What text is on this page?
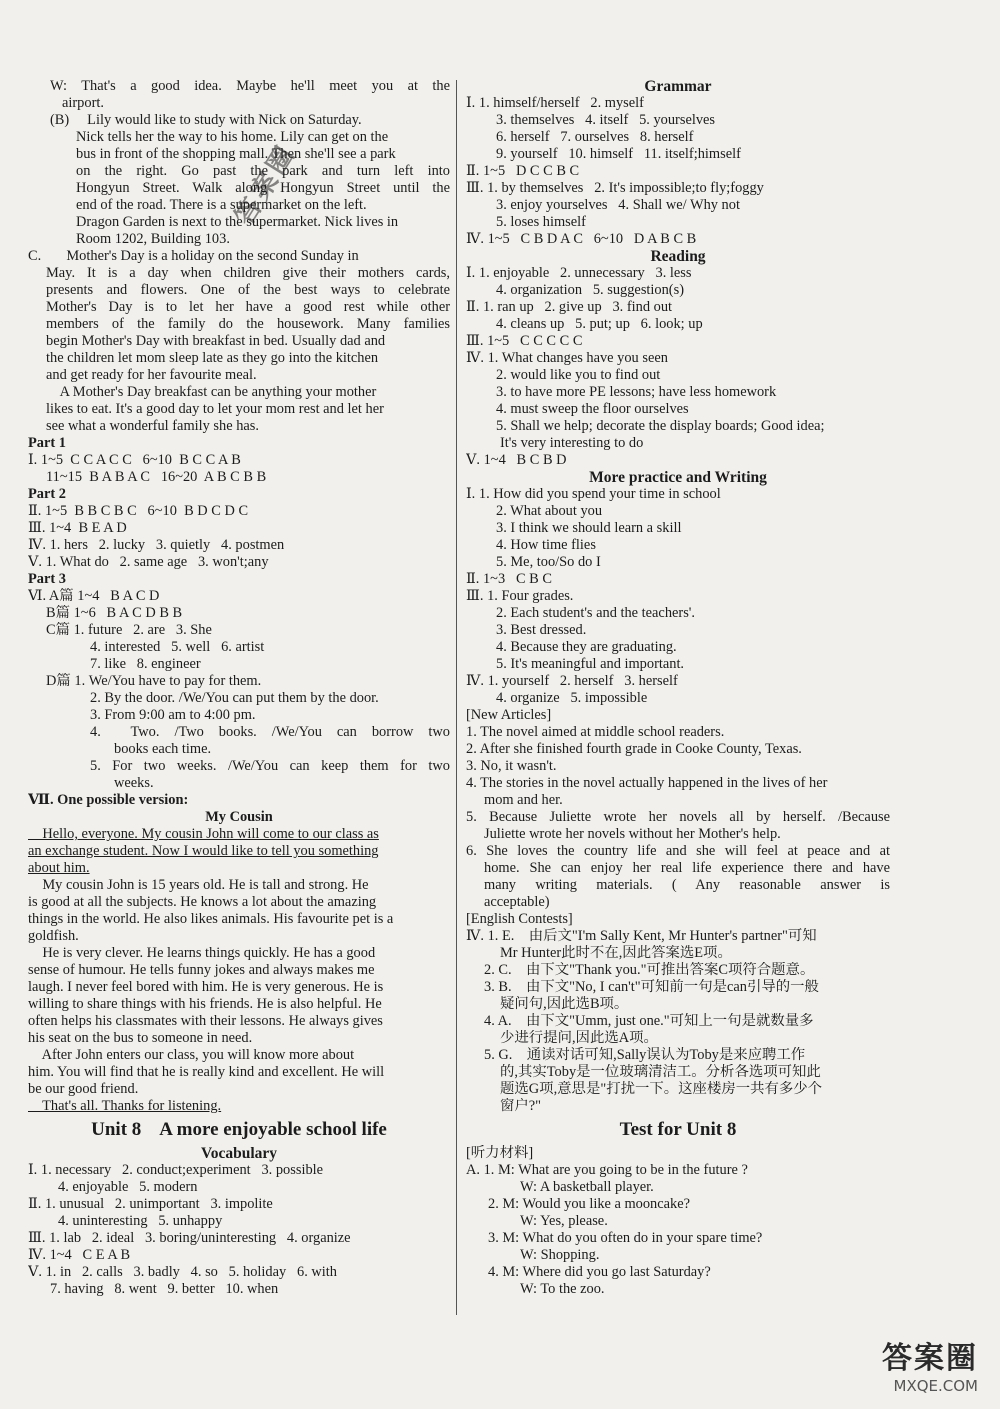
答案圈
W: That's a good idea. Maybe he'll meet you at the
airport.
(B)     Lily would like to study with Nick on Saturday.
Nick tells her the way to his home. Lily can get on the
bus in front of the shopping mall. Then she'll see a park
on the right. Go past the park and turn left into
Hongyun Street. Walk along Hongyun Street until the
end of the road. There is a supermarket on the left.
Dragon Garden is next to the supermarket. Nick lives in
Room 1202, Building 103.
C.       Mother's Day is a holiday on the second Sunday in
May. It is a day when children give their mothers cards,
presents and flowers. One of the best ways to celebrate
Mother's Day is to let her have a good rest while other
members of the family do the housework. Many families
begin Mother's Day with breakfast in bed. Usually dad and
the children let mom sleep late as they go into the kitchen
and get ready for her favourite meal.
A Mother's Day breakfast can be anything your mother
likes to eat. It's a good day to let your mom rest and let her
see what a wonderful family she has.
Part 1
Ⅰ. 1~5  C C A C C   6~10  B C C A B
11~15  B A B A C   16~20  A B C B B
Part 2
Ⅱ. 1~5  B B C B C   6~10  B D C D C
Ⅲ. 1~4  B E A D
Ⅳ. 1. hers   2. lucky   3. quietly   4. postmen
Ⅴ. 1. What do   2. same age   3. won't;any
Part 3
Ⅵ. A篇 1~4   B A C D
B篇 1~6   B A C D B B
C篇 1. future   2. are   3. She
4. interested   5. well   6. artist
7. like   8. engineer
D篇 1. We/You have to pay for them.
2. By the door. /We/You can put them by the door.
3. From 9:00 am to 4:00 pm.
4.  Two. /Two books. /We/You can borrow two
books each time.
5. For two weeks. /We/You can keep them for two
weeks.
Ⅶ. One possible version:
My Cousin
Hello, everyone. My cousin John will come to our class as
an exchange student. Now I would like to tell you something
about him.
My cousin John is 15 years old. He is tall and strong. He
is good at all the subjects. He knows a lot about the amazing
things in the world. He also likes animals. His favourite pet is a
goldfish.
He is very clever. He learns things quickly. He has a good
sense of humour. He tells funny jokes and always makes me
laugh. I never feel bored with him. He is very generous. He is
willing to share things with his friends. He is also helpful. He
often helps his classmates with their lessons. He always gives
his seat on the bus to someone in need.
After John enters our class, you will know more about
him. You will find that he is really kind and excellent. He will
be our good friend.
That's all. Thanks for listening.
Unit 8    A more enjoyable school life
Vocabulary
Ⅰ. 1. necessary   2. conduct;experiment   3. possible
4. enjoyable   5. modern
Ⅱ. 1. unusual   2. unimportant   3. impolite
4. uninteresting   5. unhappy
Ⅲ. 1. lab   2. ideal   3. boring/uninteresting   4. organize
Ⅳ. 1~4   C E A B
Ⅴ. 1. in   2. calls   3. badly   4. so   5. holiday   6. with
7. having   8. went   9. better   10. when
Grammar
Ⅰ. 1. himself/herself   2. myself
3. themselves   4. itself   5. yourselves
6. herself   7. ourselves   8. herself
9. yourself   10. himself   11. itself;himself
Ⅱ. 1~5   D C C B C
Ⅲ. 1. by themselves   2. It's impossible;to fly;foggy
3. enjoy yourselves   4. Shall we/ Why not
5. loses himself
Ⅳ. 1~5   C B D A C   6~10   D A B C B
Reading
Ⅰ. 1. enjoyable   2. unnecessary   3. less
4. organization   5. suggestion(s)
Ⅱ. 1. ran up   2. give up   3. find out
4. cleans up   5. put; up   6. look; up
Ⅲ. 1~5   C C C C C
Ⅳ. 1. What changes have you seen
2. would like you to find out
3. to have more PE lessons; have less homework
4. must sweep the floor ourselves
5. Shall we help; decorate the display boards; Good idea;
It's very interesting to do
Ⅴ. 1~4   B C B D
More practice and Writing
Ⅰ. 1. How did you spend your time in school
2. What about you
3. I think we should learn a skill
4. How time flies
5. Me, too/So do I
Ⅱ. 1~3   C B C
Ⅲ. 1. Four grades.
2. Each student's and the teachers'.
3. Best dressed.
4. Because they are graduating.
5. It's meaningful and important.
Ⅳ. 1. yourself   2. herself   3. herself
4. organize   5. impossible
[New Articles]
1. The novel aimed at middle school readers.
2. After she finished fourth grade in Cooke County, Texas.
3. No, it wasn't.
4. The stories in the novel actually happened in the lives of her
mom and her.
5. Because Juliette wrote her novels all by herself. /Because
Juliette wrote her novels without her Mother's help.
6. She loves the country life and she will feel at peace and at
home. She can enjoy her real life experience there and have
many writing materials. ( Any reasonable answer is
acceptable)
[English Contests]
Ⅳ. 1. E.    由后文"I'm Sally Kent, Mr Hunter's partner"可知
Mr Hunter此时不在,因此答案选E项。
2. C.    由下文"Thank you."可推出答案C项符合题意。
3. B.    由下文"No, I can't"可知前一句是can引导的一般
疑问句,因此选B项。
4. A.    由下文"Umm, just one."可知上一句是就数量多
少进行提问,因此选A项。
5. G.    通读对话可知,Sally误认为Toby是来应聘工作
的,其实Toby是一位玻璃清洁工。分析各选项可知此
题选G项,意思是"打扰一下。这座楼房一共有多少个
窗户?"
Test for Unit 8
[听力材料]
A. 1. M: What are you going to be in the future ?
W: A basketball player.
2. M: Would you like a mooncake?
W: Yes, please.
3. M: What do you often do in your spare time?
W: Shopping.
4. M: Where did you go last Saturday?
W: To the zoo.
答案圈
MXQE.COM
